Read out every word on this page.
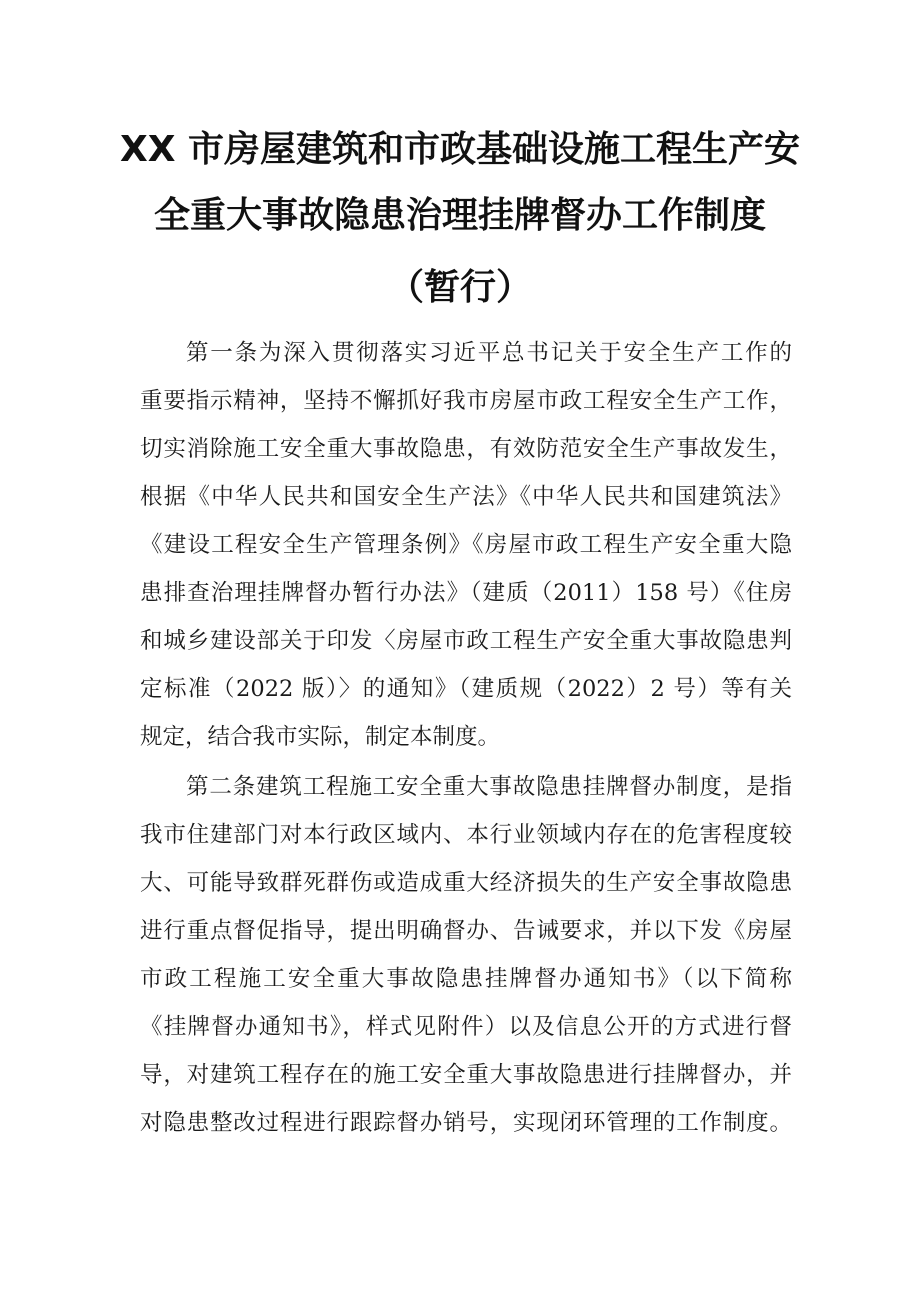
XX 市房屋建筑和市政基础设施工程生产安
全重大事故隐患治理挂牌督办工作制度
（暂行）
第一条为深入贯彻落实习近平总书记关于安全生产工作的
重要指示精神，坚持不懈抓好我市房屋市政工程安全生产工作，
切实消除施工安全重大事故隐患，有效防范安全生产事故发生，
根据《中华人民共和国安全生产法》《中华人民共和国建筑法》
《建设工程安全生产管理条例》《房屋市政工程生产安全重大隐
患排查治理挂牌督办暂行办法》（建质（2011）158 号）《住房
和城乡建设部关于印发〈房屋市政工程生产安全重大事故隐患判
定标准（2022 版）〉的通知》（建质规（2022）2 号）等有关
规定，结合我市实际，制定本制度。
第二条建筑工程施工安全重大事故隐患挂牌督办制度，是指
我市住建部门对本行政区域内、本行业领域内存在的危害程度较
大、可能导致群死群伤或造成重大经济损失的生产安全事故隐患
进行重点督促指导，提出明确督办、告诫要求，并以下发《房屋
市政工程施工安全重大事故隐患挂牌督办通知书》（以下简称
《挂牌督办通知书》，样式见附件）以及信息公开的方式进行督
导，对建筑工程存在的施工安全重大事故隐患进行挂牌督办，并
对隐患整改过程进行跟踪督办销号，实现闭环管理的工作制度。
